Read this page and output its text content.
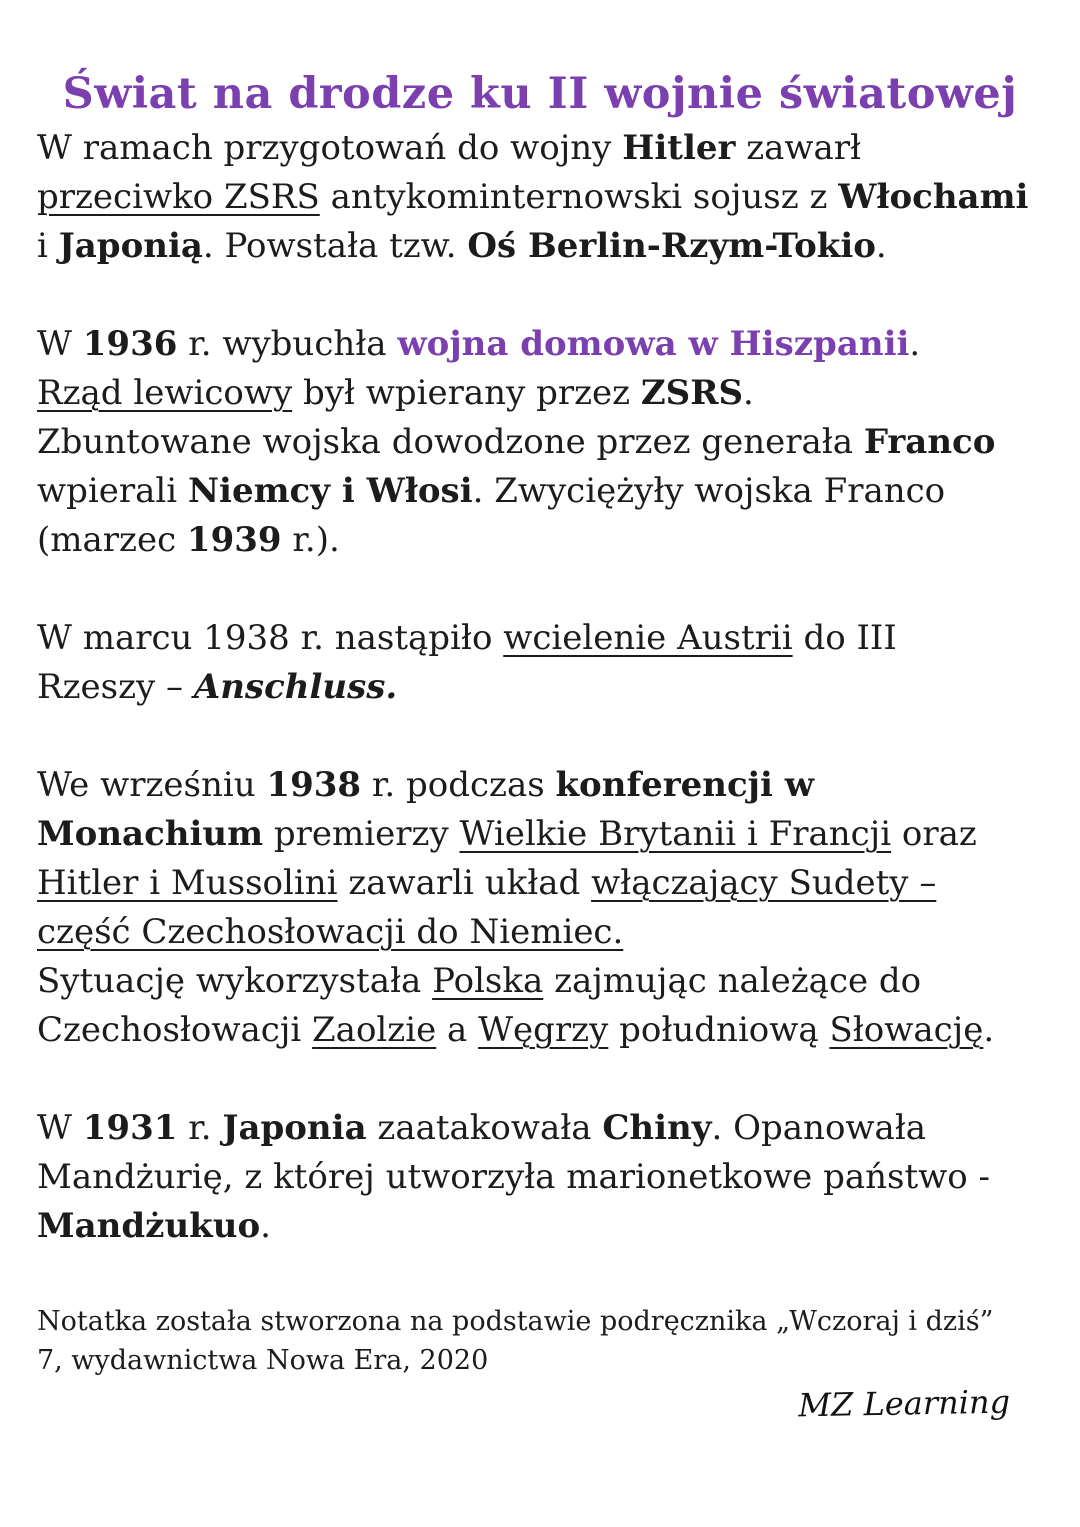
Świat na drodze ku II wojnie światowej

W ramach przygotowań do wojny Hitler zawarł

przeciwko ZSRS antykominternowski sojusz z Włochami

i Japonią. Powstała tzw. Oś Berlin-Rzym-Tokio.

W 1936 r. wybuchła wojna domowa w Hiszpanii.

Rząd lewicowy był wpierany przez ZSRS.

Zbuntowane wojska dowodzone przez generała Franco

wpierali Niemcy i Włosi. Zwyciężyły wojska Franco

(marzec 1939 r.).

W marcu 1938 r. nastąpiło wcielenie Austrii do III

Rzeszy – Anschluss.

We wrześniu 1938 r. podczas konferencji w

Monachium premierzy Wielkie Brytanii i Francji oraz

Hitler i Mussolini zawarli układ włączający Sudety –

część Czechosłowacji do Niemiec.

Sytuację wykorzystała Polska zajmując należące do

Czechosłowacji Zaolzie a Węgrzy południową Słowację.

W 1931 r. Japonia zaatakowała Chiny. Opanowała

Mandżurię, z której utworzyła marionetkowe państwo -

Mandżukuo.

Notatka została stworzona na podstawie podręcznika „Wczoraj i dziś”

7, wydawnictwa Nowa Era, 2020

MZ Learning
